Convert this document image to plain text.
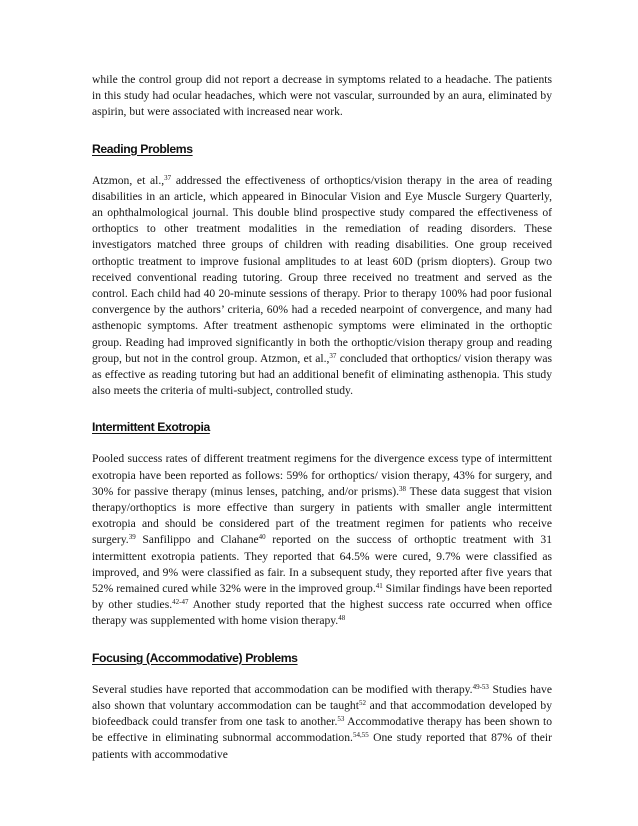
while the control group did not report a decrease in symptoms related to a headache. The patients in this study had ocular headaches, which were not vascular, surrounded by an aura, eliminated by aspirin, but were associated with increased near work.

Reading Problems

Atzmon, et al.,$^{37}$ addressed the effectiveness of orthoptics/vision therapy in the area of reading disabilities in an article, which appeared in Binocular Vision and Eye Muscle Surgery Quarterly, an ophthalmological journal. This double blind prospective study compared the effectiveness of orthoptics to other treatment modalities in the remediation of reading disorders. These investigators matched three groups of children with reading disabilities. One group received orthoptic treatment to improve fusional amplitudes to at least 60D (prism diopters). Group two received conventional reading tutoring. Group three received no treatment and served as the control. Each child had 40 20-minute sessions of therapy. Prior to therapy 100% had poor fusional convergence by the authors’ criteria, 60% had a receded nearpoint of convergence, and many had asthenopic symptoms. After treatment asthenopic symptoms were eliminated in the orthoptic group. Reading had improved significantly in both the orthoptic/vision therapy group and reading group, but not in the control group. Atzmon, et al.,$^{37}$ concluded that orthoptics/ vision therapy was as effective as reading tutoring but had an additional benefit of eliminating asthenopia. This study also meets the criteria of multi-subject, controlled study.

Intermittent Exotropia

Pooled success rates of different treatment regimens for the divergence excess type of intermittent exotropia have been reported as follows: 59% for orthoptics/ vision therapy, 43% for surgery, and 30% for passive therapy (minus lenses, patching, and/or prisms).$^{38}$ These data suggest that vision therapy/orthoptics is more effective than surgery in patients with smaller angle intermittent exotropia and should be considered part of the treatment regimen for patients who receive surgery.$^{39}$ Sanfilippo and Clahane$^{40}$ reported on the success of orthoptic treatment with 31 intermittent exotropia patients. They reported that 64.5% were cured, 9.7% were classified as improved, and 9% were classified as fair. In a subsequent study, they reported after five years that 52% remained cured while 32% were in the improved group.$^{41}$ Similar findings have been reported by other studies.$^{42-47}$ Another study reported that the highest success rate occurred when office therapy was supplemented with home vision therapy.$^{48}$

Focusing (Accommodative) Problems

Several studies have reported that accommodation can be modified with therapy.$^{49-53}$ Studies have also shown that voluntary accommodation can be taught$^{52}$ and that accommodation developed by biofeedback could transfer from one task to another.$^{53}$ Accommodative therapy has been shown to be effective in eliminating subnormal accommodation.$^{54,55}$ One study reported that 87% of their patients with accommodative
